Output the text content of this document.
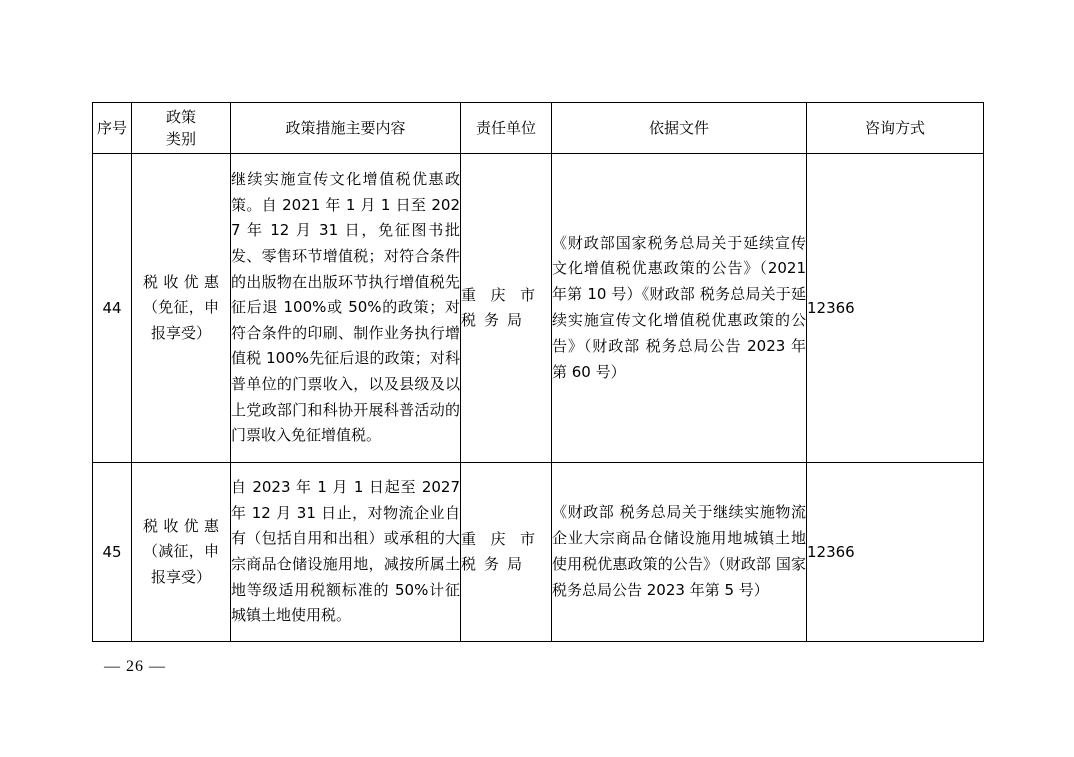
序号	政策类别	政策措施主要内容	责任单位	依据文件	咨询方式
44	税收优惠（免征，申报享受）	继续实施宣传文化增值税优惠政策。自 2021 年 1 月 1 日至 2027 年 12 月 31 日，免征图书批发、零售环节增值税；对符合条件的出版物在出版环节执行增值税先征后退 100%或 50%的政策；对符合条件的印刷、制作业务执行增值税 100%先征后退的政策；对科普单位的门票收入，以及县级及以上党政部门和科协开展科普活动的门票收入免征增值税。	重庆市税务局	《财政部国家税务总局关于延续宣传文化增值税优惠政策的公告》（2021 年第 10 号）《财政部 税务总局关于延续实施宣传文化增值税优惠政策的公告》（财政部 税务总局公告 2023 年第 60 号）	12366
45	税收优惠（减征，申报享受）	自 2023 年 1 月 1 日起至 2027 年 12 月 31 日止，对物流企业自有（包括自用和出租）或承租的大宗商品仓储设施用地，减按所属土地等级适用税额标准的 50%计征城镇土地使用税。	重庆市税务局	《财政部 税务总局关于继续实施物流企业大宗商品仓储设施用地城镇土地使用税优惠政策的公告》（财政部 国家税务总局公告 2023 年第 5 号）	12366
— 26 —
